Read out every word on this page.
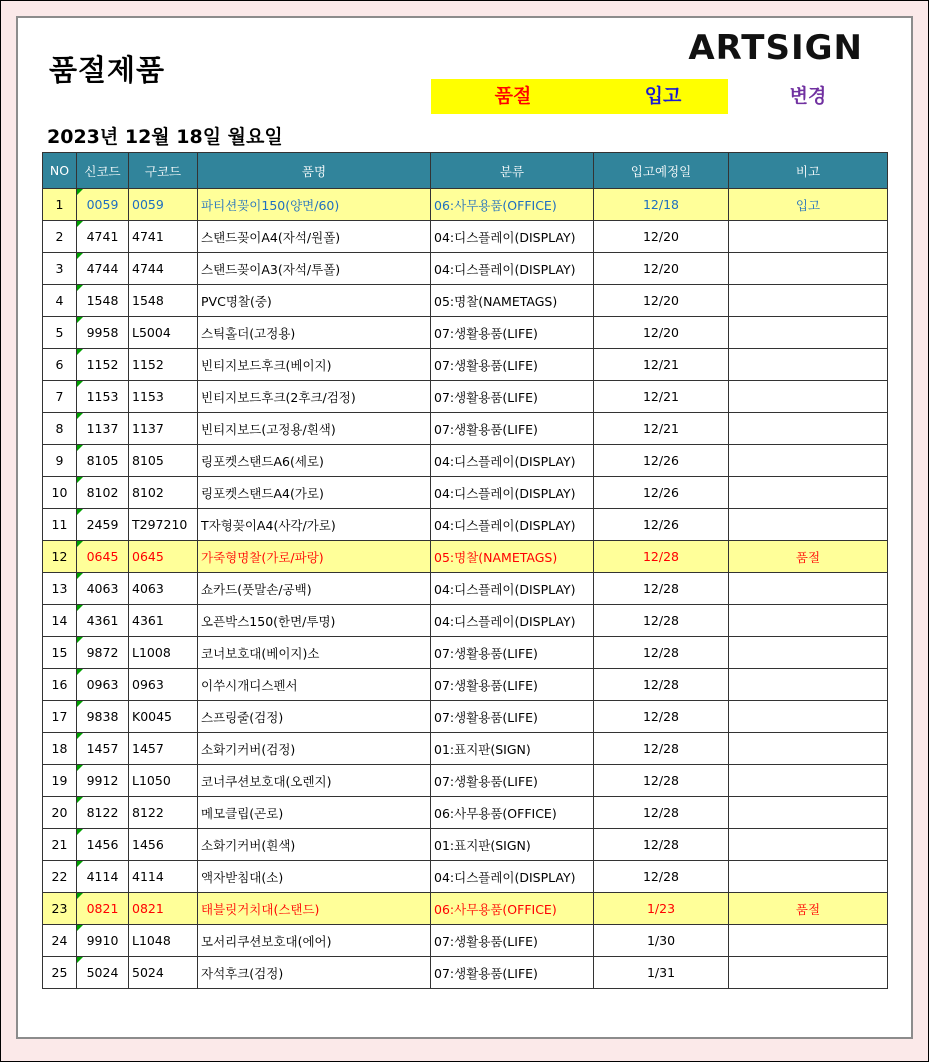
품절제품
ARTSIGN
품절	입고	변경
2023년 12월 18일 월요일
NO	신코드	구코드	품명	분류	입고예정일	비고
1	0059	0059	파티션꽂이150(양면/60)	06:사무용품(OFFICE)	12/18	입고
2	4741	4741	스탠드꽂이A4(자석/원폴)	04:디스플레이(DISPLAY)	12/20	
3	4744	4744	스탠드꽂이A3(자석/투폴)	04:디스플레이(DISPLAY)	12/20	
4	1548	1548	PVC명찰(중)	05:명찰(NAMETAGS)	12/20	
5	9958	L5004	스틱홀더(고정용)	07:생활용품(LIFE)	12/20	
6	1152	1152	빈티지보드후크(베이지)	07:생활용품(LIFE)	12/21	
7	1153	1153	빈티지보드후크(2후크/검정)	07:생활용품(LIFE)	12/21	
8	1137	1137	빈티지보드(고정용/흰색)	07:생활용품(LIFE)	12/21	
9	8105	8105	링포켓스탠드A6(세로)	04:디스플레이(DISPLAY)	12/26	
10	8102	8102	링포켓스탠드A4(가로)	04:디스플레이(DISPLAY)	12/26	
11	2459	T297210	T자형꽂이A4(사각/가로)	04:디스플레이(DISPLAY)	12/26	
12	0645	0645	가죽형명찰(가로/파랑)	05:명찰(NAMETAGS)	12/28	품절
13	4063	4063	쇼카드(풋말손/공백)	04:디스플레이(DISPLAY)	12/28	
14	4361	4361	오픈박스150(한면/투명)	04:디스플레이(DISPLAY)	12/28	
15	9872	L1008	코너보호대(베이지)소	07:생활용품(LIFE)	12/28	
16	0963	0963	이쑤시개디스펜서	07:생활용품(LIFE)	12/28	
17	9838	K0045	스프링줄(검정)	07:생활용품(LIFE)	12/28	
18	1457	1457	소화기커버(검정)	01:표지판(SIGN)	12/28	
19	9912	L1050	코너쿠션보호대(오렌지)	07:생활용품(LIFE)	12/28	
20	8122	8122	메모클립(곤로)	06:사무용품(OFFICE)	12/28	
21	1456	1456	소화기커버(흰색)	01:표지판(SIGN)	12/28	
22	4114	4114	액자받침대(소)	04:디스플레이(DISPLAY)	12/28	
23	0821	0821	태블릿거치대(스탠드)	06:사무용품(OFFICE)	1/23	품절
24	9910	L1048	모서리쿠션보호대(에어)	07:생활용품(LIFE)	1/30	
25	5024	5024	자석후크(검정)	07:생활용품(LIFE)	1/31	
